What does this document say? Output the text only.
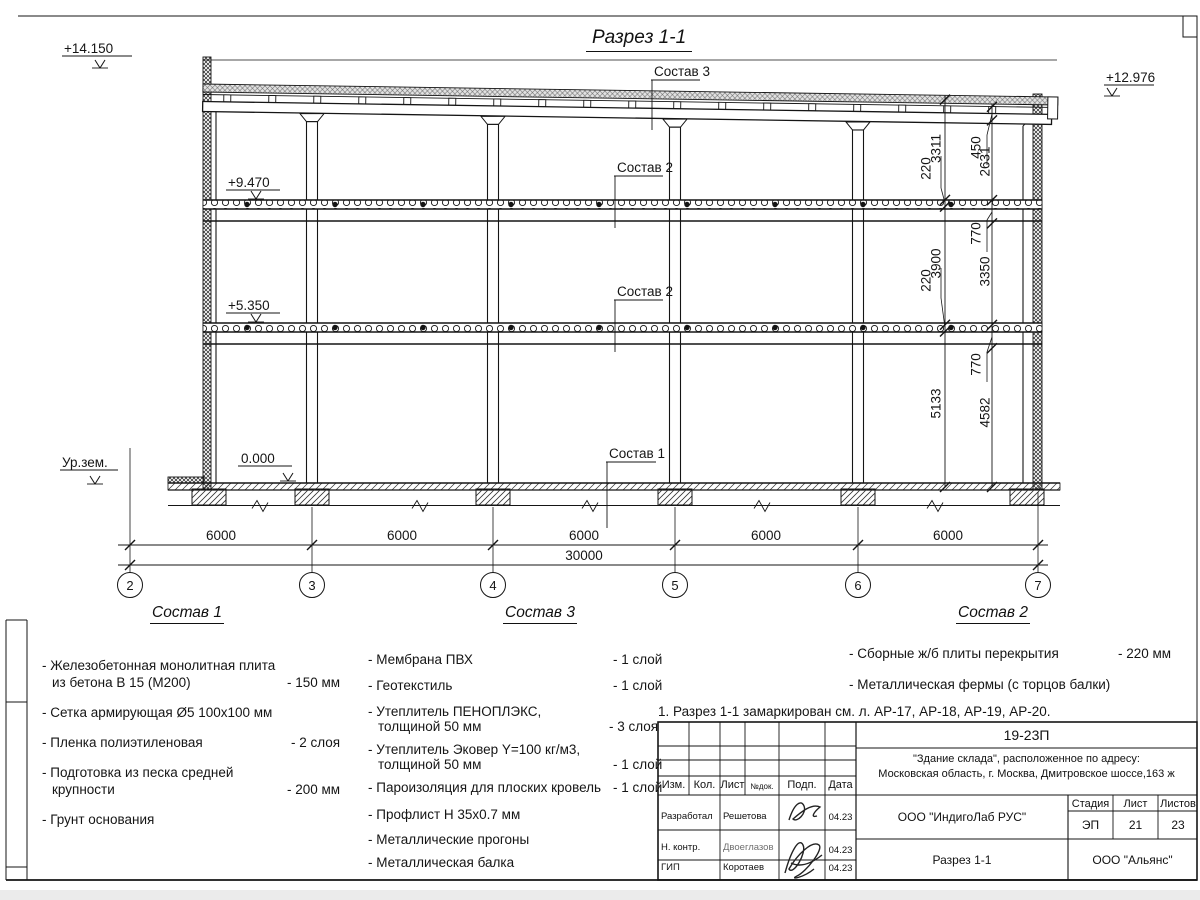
Разрез 1-1
+14.150
+12.976
+9.470
+5.350
0.000
Ур.зем.
Состав 3
Состав 2
Состав 2
Состав 1
6000	6000	6000	6000	6000
30000
3311
220
3900
220
5133
450
2631
770
3350
770
4582
2	3	4	5	6	7
Состав 1
- Железобетонная монолитная плита
из бетона В 15 (М200)	- 150 мм
- Сетка армирующая Ø5 100х100 мм
- Пленка полиэтиленовая	- 2 слоя
- Подготовка из песка средней
крупности	- 200 мм
- Грунт основания
Состав 3
- Мембрана ПВХ	- 1 слой
- Геотекстиль	- 1 слой
- Утеплитель ПЕНОПЛЭКС,
толщиной 50 мм	- 3 слоя
- Утеплитель Эковер Y=100 кг/м3,
толщиной 50 мм	- 1 слой
- Пароизоляция для плоских кровель - 1 слой
- Профлист Н 35х0.7 мм
- Металлические прогоны
- Металлическая балка
Состав 2
- Сборные ж/б плиты перекрытия	- 220 мм
- Металлическая фермы (с торцов балки)
1. Разрез 1-1 замаркирован см. л. АР-17, АР-18, АР-19, АР-20.
19-23П
"Здание склада", расположенное по адресу:
Московская область, г. Москва, Дмитровское шоссе,163 ж
ООО "ИндигоЛаб РУС"
Разрез 1-1	ООО "Альянс"
Изм. Кол. Лист №док.	Подп.	Дата
Разработал Решетова	04.23
Н. контр. Двоеглазов	04.23
ГИП	Коротаев	04.23
Стадия	Лист	Листов
ЭП	21	23
